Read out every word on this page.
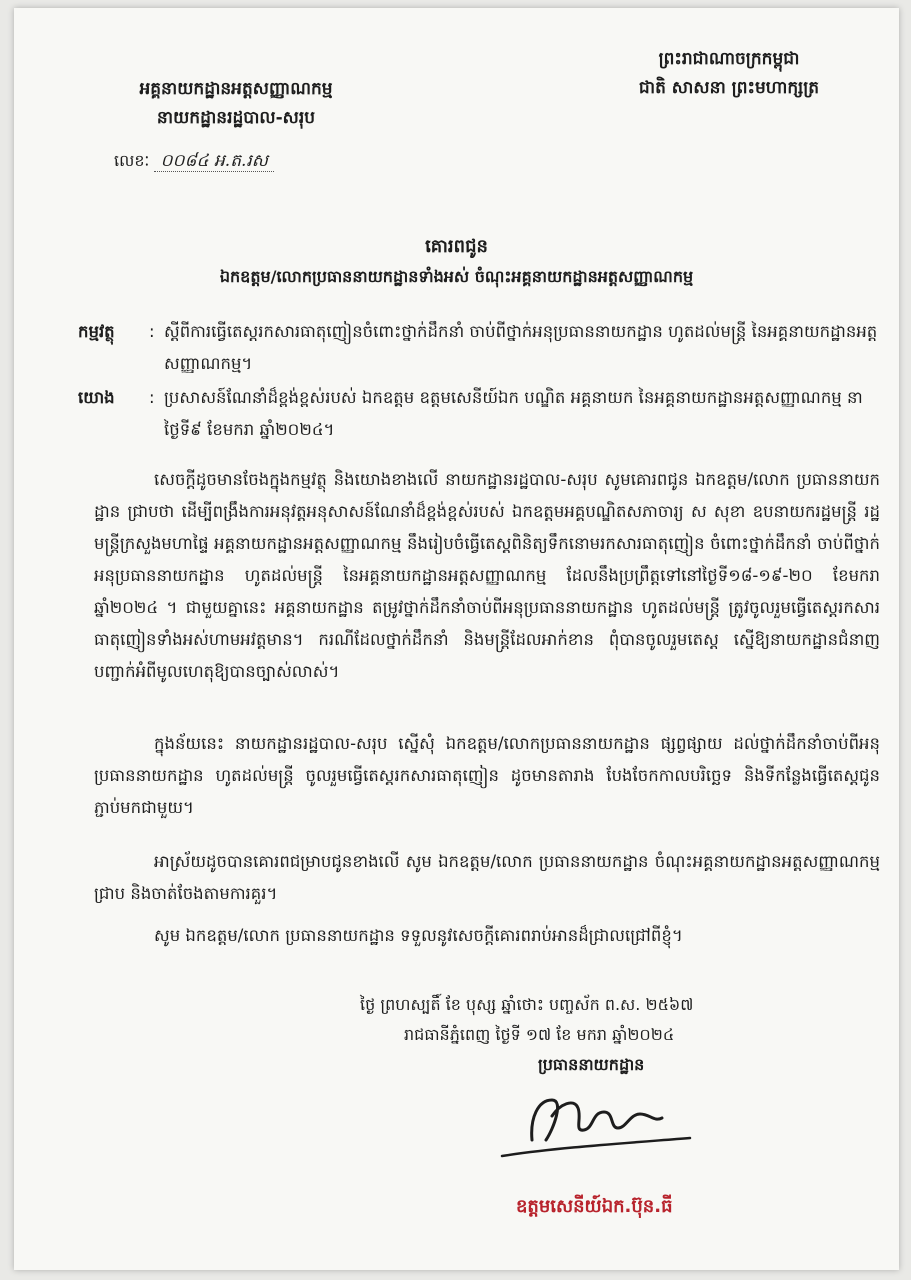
អគ្គនាយកដ្ឋានអត្តសញ្ញាណកម្ម
នាយកដ្ឋានរដ្ឋបាល-សរុប
ព្រះរាជាណាចក្រកម្ពុជា
ជាតិ សាសនា ព្រះមហាក្សត្រ
លេខៈ ០០៨៤ អ.ត.រស
គោរពជូន
ឯកឧត្តម/លោកប្រធាននាយកដ្ឋានទាំងអស់ ចំណុះអគ្គនាយកដ្ឋានអត្តសញ្ញាណកម្ម
កម្មវត្ថុ : ស្តីពីការធ្វើតេស្តរកសារធាតុញៀនចំពោះថ្នាក់ដឹកនាំ ចាប់ពីថ្នាក់អនុប្រធាននាយកដ្ឋាន ហូតដល់មន្ត្រី នៃអគ្គនាយកដ្ឋានអត្តសញ្ញាណកម្ម។
យោង : ប្រសាសន៍ណែនាំដ៏ខ្ពង់ខ្ពស់របស់ ឯកឧត្តម ឧត្តមសេនីយ៍ឯក បណ្ឌិត អគ្គនាយក នៃអគ្គនាយកដ្ឋានអត្តសញ្ញាណកម្ម នាថ្ងៃទី៩ ខែមករា ឆ្នាំ២០២៤។
សេចក្តីដូចមានចែងក្នុងកម្មវត្ថុ និងយោងខាងលើ នាយកដ្ឋានរដ្ឋបាល-សរុប សូមគោរពជូន ឯកឧត្តម/លោក ប្រធាននាយកដ្ឋាន ជ្រាបថា ដើម្បីពង្រឹងការអនុវត្តអនុសាសន៍ណែនាំដ៏ខ្ពង់ខ្ពស់របស់ ឯកឧត្តមអគ្គបណ្ឌិតសភាចារ្យ ស សុខា ឧបនាយករដ្ឋមន្ត្រី រដ្ឋមន្ត្រីក្រសួងមហាផ្ទៃ អគ្គនាយកដ្ឋានអត្តសញ្ញាណកម្ម នឹងរៀបចំធ្វើតេស្តពិនិត្យទឹកនោមរកសារធាតុញៀន ចំពោះថ្នាក់ដឹកនាំ ចាប់ពីថ្នាក់អនុប្រធាននាយកដ្ឋាន ហូតដល់មន្ត្រី នៃអគ្គនាយកដ្ឋានអត្តសញ្ញាណកម្ម ដែលនឹងប្រព្រឹត្តទៅនៅថ្ងៃទី១៨-១៩-២០ ខែមករា ឆ្នាំ២០២៤ ។ ជាមួយគ្នានេះ អគ្គនាយកដ្ឋាន តម្រូវថ្នាក់ដឹកនាំចាប់ពីអនុប្រធាននាយកដ្ឋាន ហូតដល់មន្ត្រី ត្រូវចូលរួមធ្វើតេស្តរកសារធាតុញៀនទាំងអស់ហាមអវត្តមាន។ ករណីដែលថ្នាក់ដឹកនាំ និងមន្ត្រីដែលអាក់ខាន ពុំបានចូលរួមតេស្ត ស្នើឱ្យនាយកដ្ឋានជំនាញ បញ្ជាក់អំពីមូលហេតុឱ្យបានច្បាស់លាស់។
ក្នុងន័យនេះ នាយកដ្ឋានរដ្ឋបាល-សរុប ស្នើសុំ ឯកឧត្តម/លោកប្រធាននាយកដ្ឋាន ផ្សព្វផ្សាយ ដល់ថ្នាក់ដឹកនាំចាប់ពីអនុប្រធាននាយកដ្ឋាន ហូតដល់មន្ត្រី ចូលរួមធ្វើតេស្តរកសារធាតុញៀន ដូចមានតារាង បែងចែកកាលបរិច្ឆេទ និងទីកន្លែងធ្វើតេស្តជូនភ្ជាប់មកជាមួយ។
អាស្រ័យដូចបានគោរពជម្រាបជូនខាងលើ សូម ឯកឧត្តម/លោក ប្រធាននាយកដ្ឋាន ចំណុះអគ្គនាយកដ្ឋានអត្តសញ្ញាណកម្ម ជ្រាប និងចាត់ចែងតាមការគួរ។
សូម ឯកឧត្តម/លោក ប្រធាននាយកដ្ឋាន ទទួលនូវសេចក្តីគោរពរាប់អានដ៏ជ្រាលជ្រៅពីខ្ញុំ។
ថ្ងៃ ព្រហស្បតិ៍ ខែ បុស្ស ឆ្នាំថោះ បញ្ចស័ក ព.ស. ២៥៦៧
រាជធានីភ្នំពេញ ថ្ងៃទី ១៧ ខែ មករា ឆ្នាំ២០២៤
ប្រធាននាយកដ្ឋាន
ឧត្តមសេនីយ៍ឯក.ប៊ុន.ធី
